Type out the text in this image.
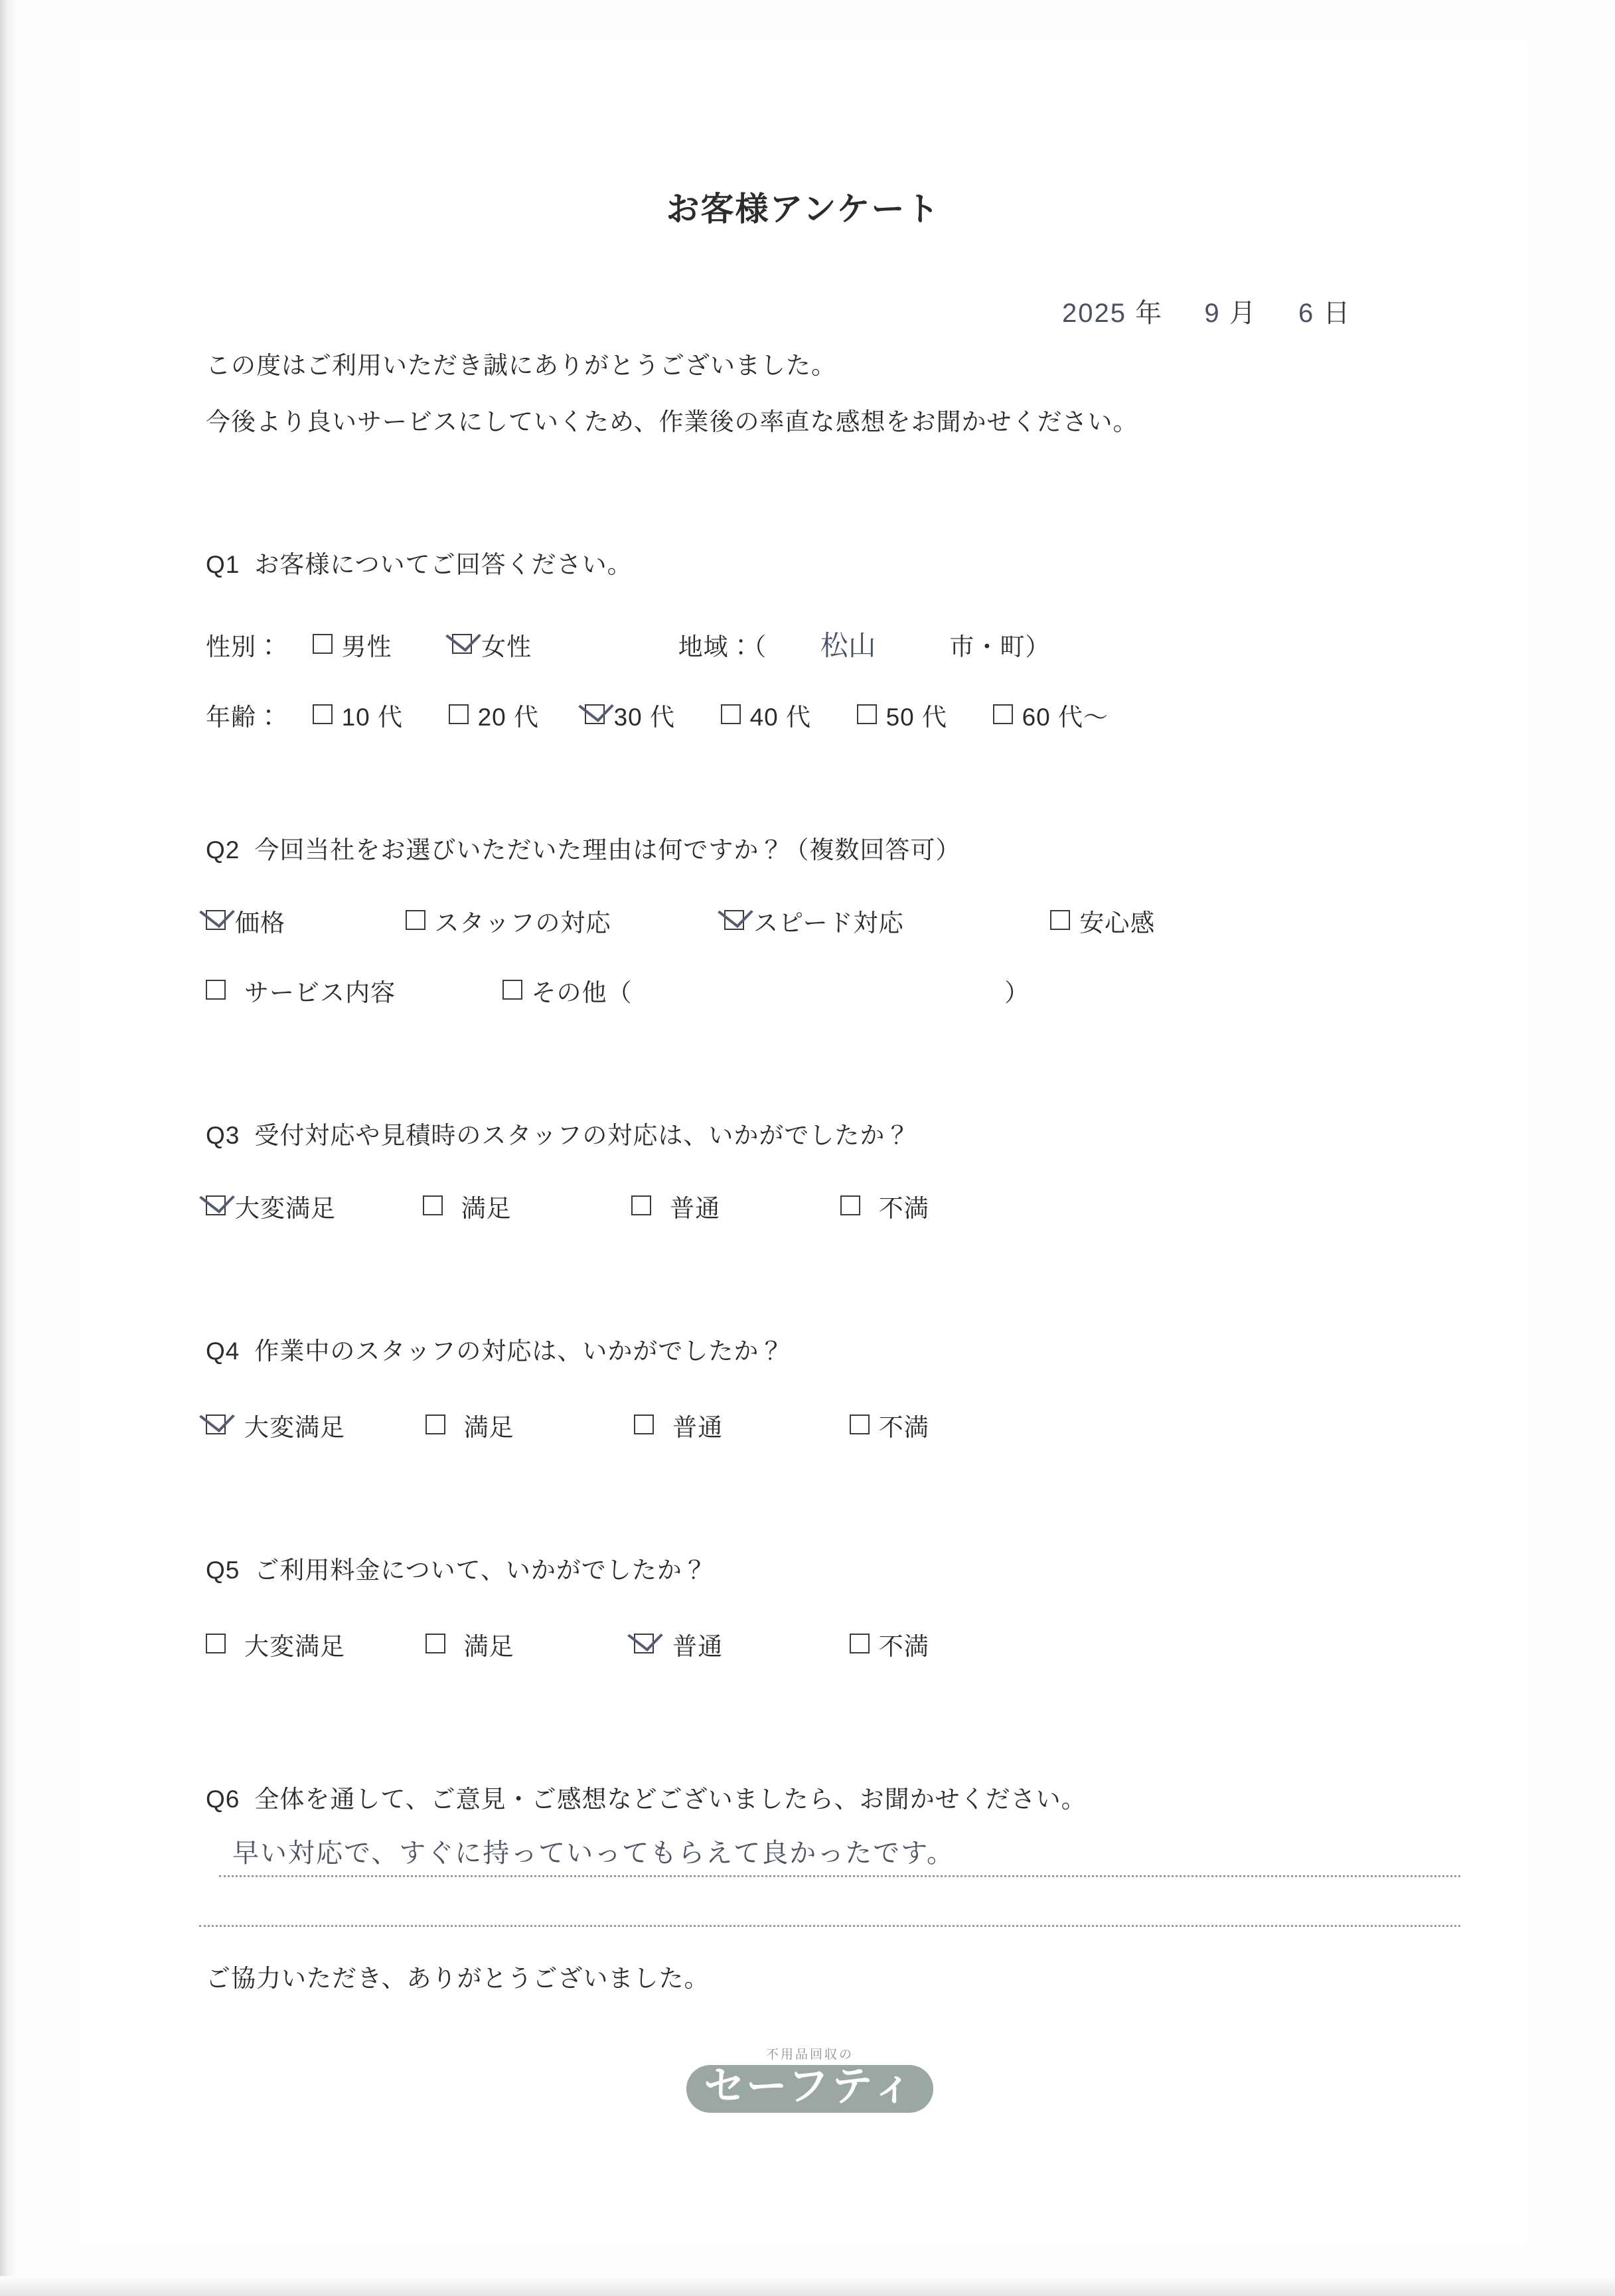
お客様アンケート
2025 年 9 月 6 日
この度はご利用いただき誠にありがとうございました。
今後より良いサービスにしていくため、作業後の率直な感想をお聞かせください。
Q1 お客様についてご回答ください。
性別： 男性	女性	地域：（ 松山	市・町）
年齢： 10 代	20 代	30 代	40 代	50 代	60 代〜
Q2 今回当社をお選びいただいた理由は何ですか？（複数回答可）
価格	スタッフの対応	スピード対応	安心感
サービス内容	その他（	）
Q3 受付対応や見積時のスタッフの対応は、いかがでしたか？
大変満足	満足	普通	不満
Q4 作業中のスタッフの対応は、いかがでしたか？
大変満足	満足	普通	不満
Q5 ご利用料金について、いかがでしたか？
大変満足	満足	普通	不満
Q6 全体を通して、ご意見・ご感想などございましたら、お聞かせください。
早い対応で、すぐに持っていってもらえて良かったです。
ご協力いただき、ありがとうございました。
不用品回収の
セーフティ
